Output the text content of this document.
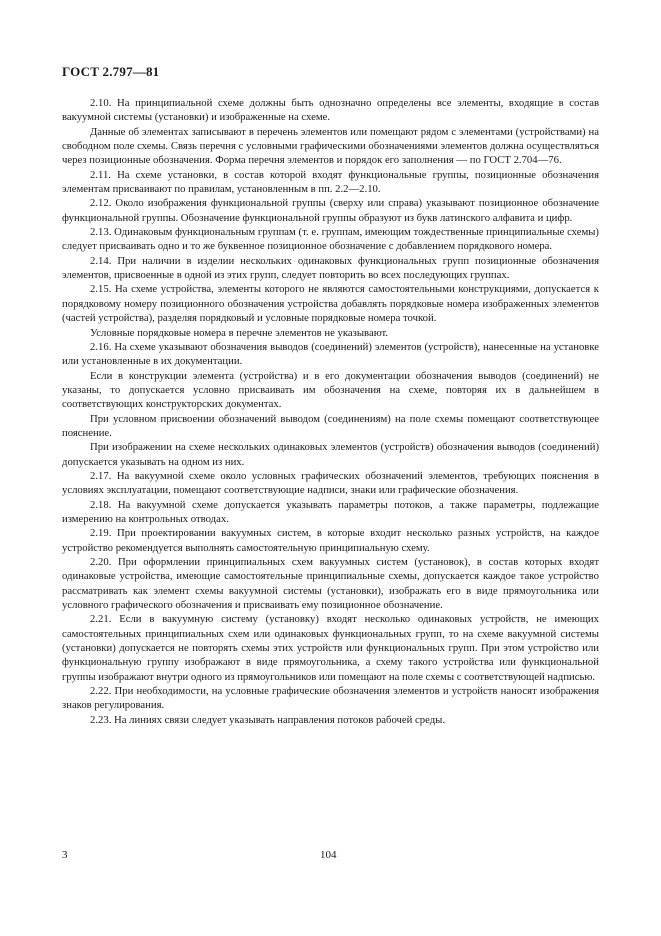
ГОСТ 2.797—81

2.10. На принципиальной схеме должны быть однозначно определены все элементы, входящие в состав вакуумной системы (установки) и изображенные на схеме.

Данные об элементах записывают в перечень элементов или помещают рядом с элементами (устройствами) на свободном поле схемы. Связь перечня с условными графическими обозначениями элементов должна осуществляться через позиционные обозначения. Форма перечня элементов и порядок его заполнения — по ГОСТ 2.704—76.

2.11. На схеме установки, в состав которой входят функциональные группы, позиционные обозначения элементам присваивают по правилам, установленным в пп. 2.2—2.10.

2.12. Около изображения функциональной группы (сверху или справа) указывают позиционное обозначение функциональной группы. Обозначение функциональной группы образуют из букв латинского алфавита и цифр.

2.13. Одинаковым функциональным группам (т. е. группам, имеющим тождественные принципиальные схемы) следует присваивать одно и то же буквенное позиционное обозначение с добавлением порядкового номера.

2.14. При наличии в изделии нескольких одинаковых функциональных групп позиционные обозначения элементов, присвоенные в одной из этих групп, следует повторить во всех последующих группах.

2.15. На схеме устройства, элементы которого не являются самостоятельными конструкциями, допускается к порядковому номеру позиционного обозначения устройства добавлять порядковые номера изображенных элементов (частей устройства), разделяя порядковый и условные порядковые номера точкой.

Условные порядковые номера в перечне элементов не указывают.

2.16. На схеме указывают обозначения выводов (соединений) элементов (устройств), нанесенные на установке или установленные в их документации.

Если в конструкции элемента (устройства) и в его документации обозначения выводов (соединений) не указаны, то допускается условно присваивать им обозначения на схеме, повторяя их в дальнейшем в соответствующих конструкторских документах.

При условном присвоении обозначений выводом (соединениям) на поле схемы помещают соответствующее пояснение.

При изображении на схеме нескольких одинаковых элементов (устройств) обозначения выводов (соединений) допускается указывать на одном из них.

2.17. На вакуумной схеме около условных графических обозначений элементов, требующих пояснения в условиях эксплуатации, помещают соответствующие надписи, знаки или графические обозначения.

2.18. На вакуумной схеме допускается указывать параметры потоков, а также параметры, подлежащие измерению на контрольных отводах.

2.19. При проектировании вакуумных систем, в которые входит несколько разных устройств, на каждое устройство рекомендуется выполнять самостоятельную принципиальную схему.

2.20. При оформлении принципиальных схем вакуумных систем (установок), в состав которых входят одинаковые устройства, имеющие самостоятельные принципиальные схемы, допускается каждое такое устройство рассматривать как элемент схемы вакуумной системы (установки), изображать его в виде прямоугольника или условного графического обозначения и присваивать ему позиционное обозначение.

2.21. Если в вакуумную систему (установку) входят несколько одинаковых устройств, не имеющих самостоятельных принципиальных схем или одинаковых функциональных групп, то на схеме вакуумной системы (установки) допускается не повторять схемы этих устройств или функциональных групп. При этом устройство или функциональную группу изображают в виде прямоугольника, а схему такого устройства или функциональной группы изображают внутри одного из прямоугольников или помещают на поле схемы с соответствующей надписью.

2.22. При необходимости, на условные графические обозначения элементов и устройств наносят изображения знаков регулирования.

2.23. На линиях связи следует указывать направления потоков рабочей среды.

3	104
